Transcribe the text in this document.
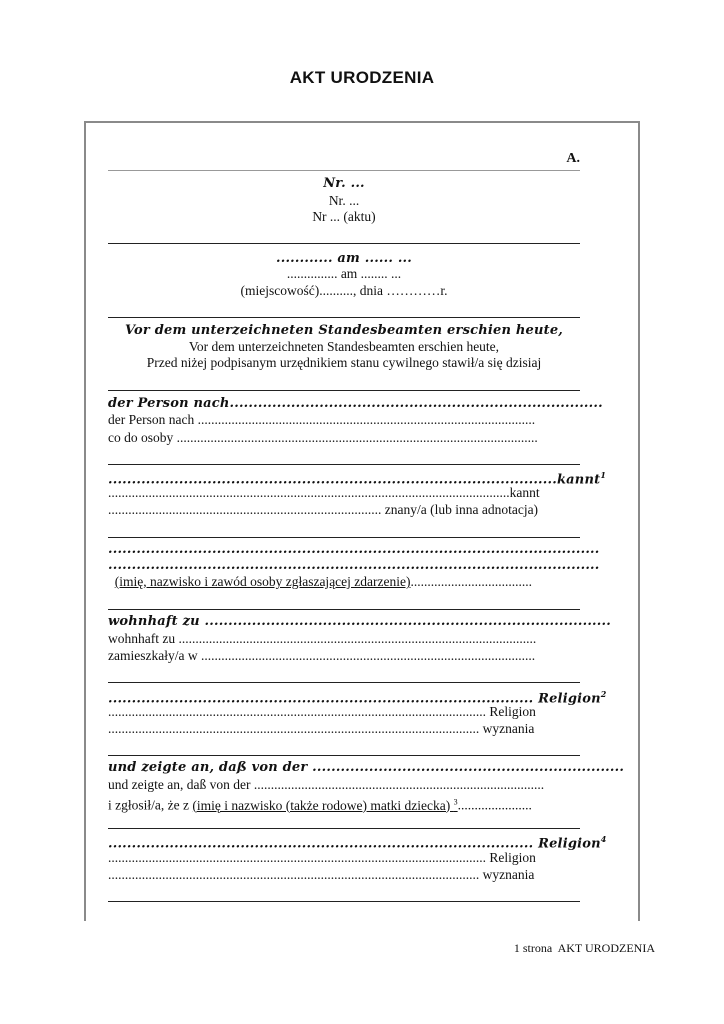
AKT URODZENIA
A.
Nr. ...
Nr. ...
Nr ... (aktu)
............ am ...... ...
............... am ........ ...
(miejscowość).........., dnia …………r.
Vor dem unterzeichneten Standesbeamten erschien heute,
Vor dem unterzeichneten Standesbeamten erschien heute,
Przed niżej podpisanym urzędnikiem stanu cywilnego stawił/a się dzisiaj
der Person nach...............................................................................
der Person nach ....................................................................................................
co do osoby ...........................................................................................................
...............................................................................................kannt$^1$
.......................................................................................................................kannt
................................................................................. znany/a (lub inna adnotacja)
........................................................................................................
........................................................................................................
(imię, nazwisko i zawód osoby zgłaszającej zdarzenie)....................................
wohnhaft zu ......................................................................................
wohnhaft zu ..........................................................................................................
zamieszkały/a w ...................................................................................................
.......................................................................................... Religion$^2$
................................................................................................................ Religion
.............................................................................................................. wyznania
und zeigte an, daß von der ..................................................................
und zeigte an, daß von der ......................................................................................
i zgłosił/a, że z (imię i nazwisko (także rodowe) matki dziecka) $^3$......................
.......................................................................................... Religion$^4$
................................................................................................................ Religion
.............................................................................................................. wyznania
1 strona AKT URODZENIA
